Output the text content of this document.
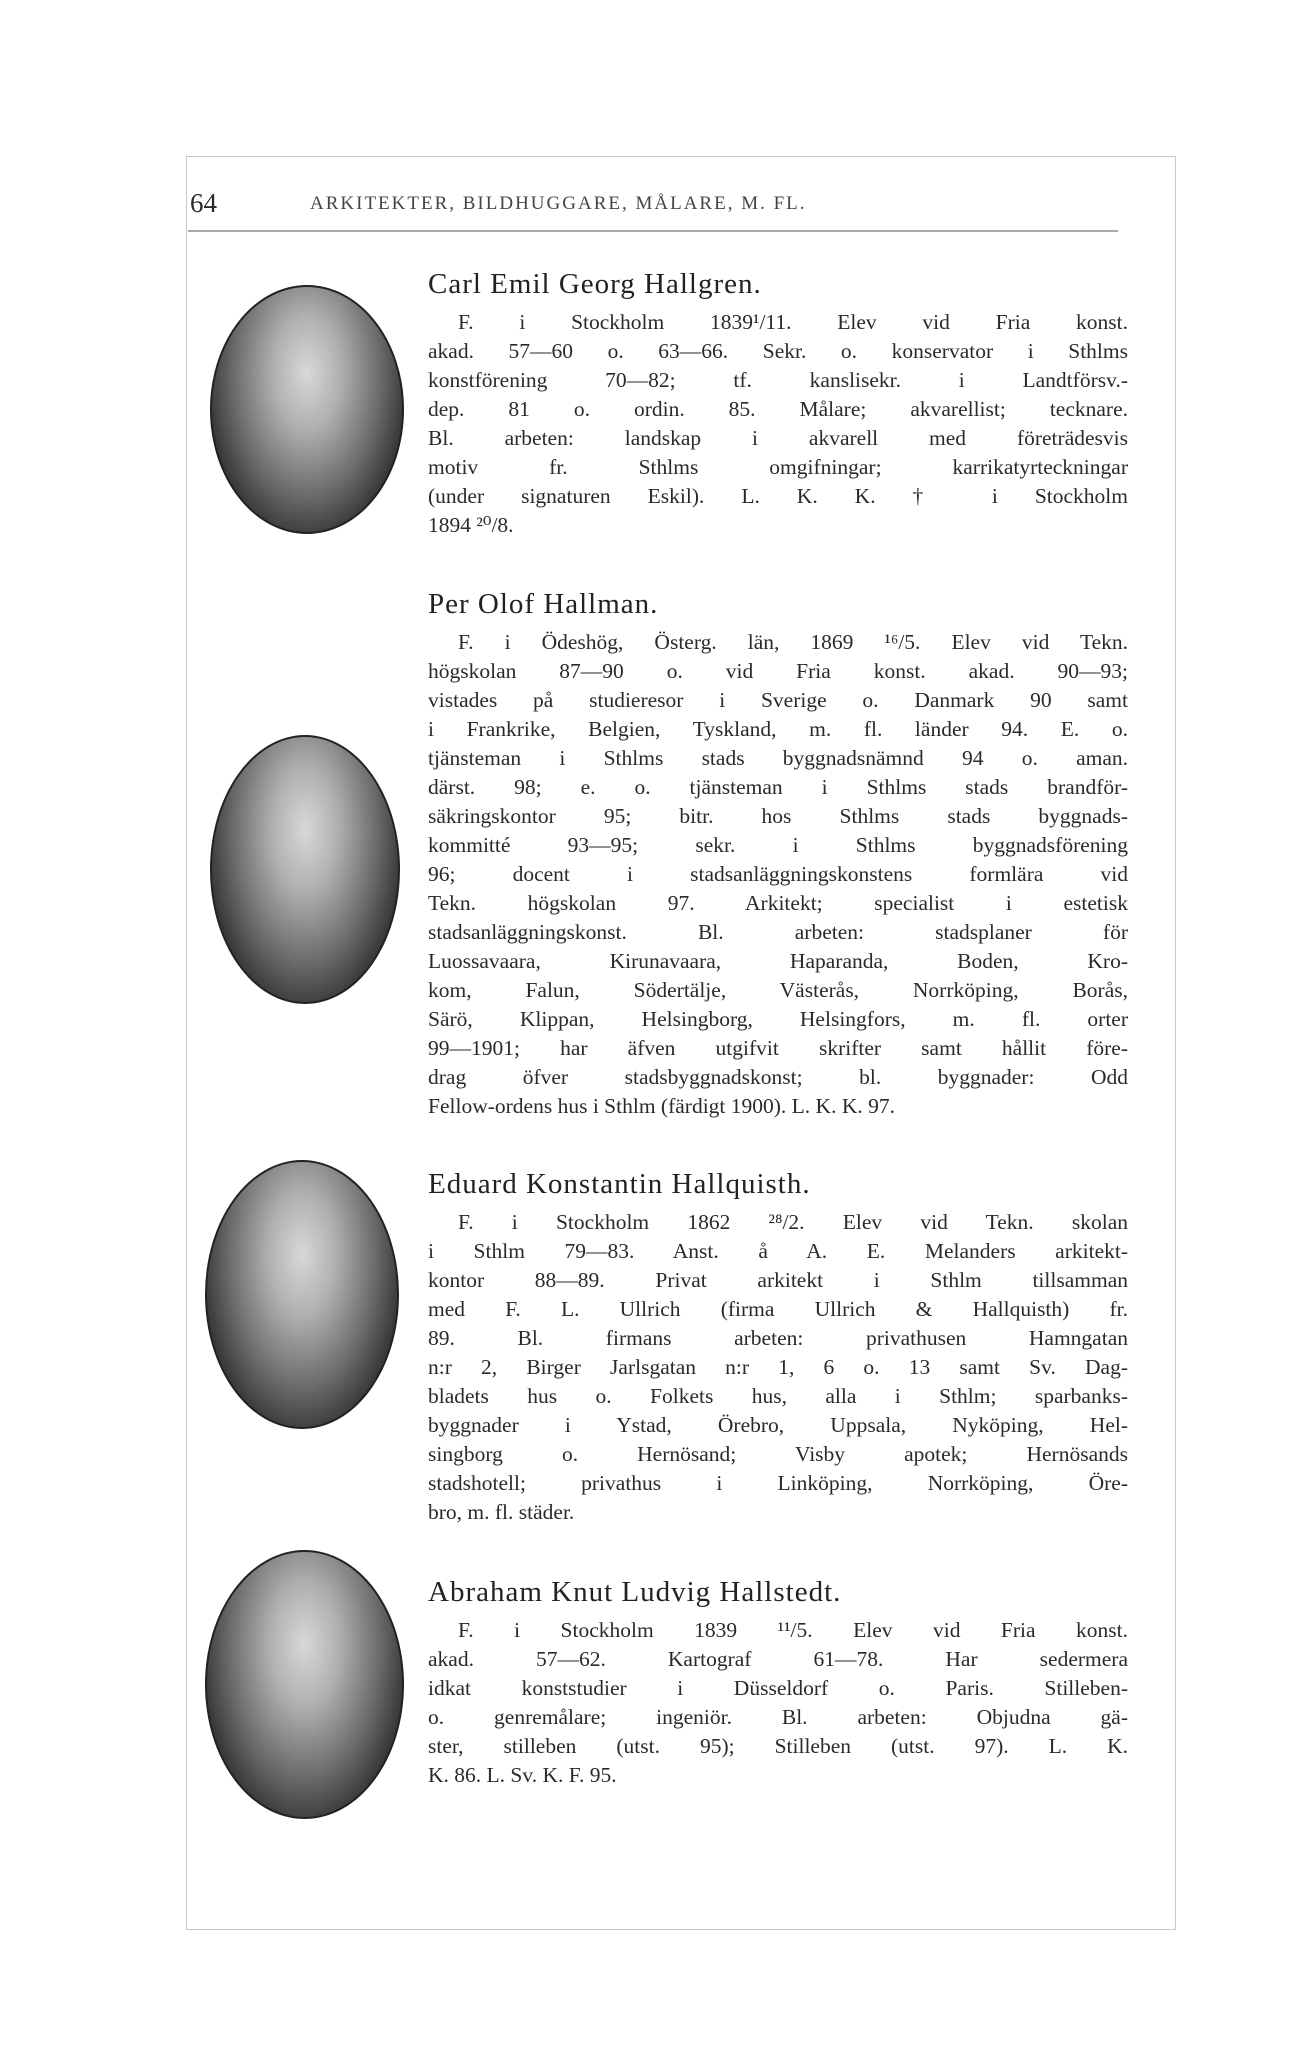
64	ARKITEKTER, BILDHUGGARE, MÅLARE, M. FL.
Carl Emil Georg Hallgren.
F. i Stockholm 1839¹/11. Elev vid Fria konst.
akad. 57—60 o. 63—66. Sekr. o. konservator i Sthlms
konstförening 70—82; tf. kanslisekr. i Landtförsv.-
dep. 81 o. ordin. 85. Målare; akvarellist; tecknare.
Bl. arbeten: landskap i akvarell med företrädesvis
motiv fr. Sthlms omgifningar; karrikatyrteckningar
(under signaturen Eskil). L. K. K. † i Stockholm
1894 ²⁰/8.
Per Olof Hallman.
F. i Ödeshög, Österg. län, 1869 ¹⁶/5. Elev vid Tekn.
högskolan 87—90 o. vid Fria konst. akad. 90—93;
vistades på studieresor i Sverige o. Danmark 90 samt
i Frankrike, Belgien, Tyskland, m. fl. länder 94. E. o.
tjänsteman i Sthlms stads byggnadsnämnd 94 o. aman.
därst. 98; e. o. tjänsteman i Sthlms stads brandför-
säkringskontor 95; bitr. hos Sthlms stads byggnads-
kommitté 93—95; sekr. i Sthlms byggnadsförening
96; docent i stadsanläggningskonstens formlära vid
Tekn. högskolan 97. Arkitekt; specialist i estetisk
stadsanläggningskonst. Bl. arbeten: stadsplaner för
Luossavaara, Kirunavaara, Haparanda, Boden, Kro-
kom, Falun, Södertälje, Västerås, Norrköping, Borås,
Särö, Klippan, Helsingborg, Helsingfors, m. fl. orter
99—1901; har äfven utgifvit skrifter samt hållit före-
drag öfver stadsbyggnadskonst; bl. byggnader: Odd
Fellow-ordens hus i Sthlm (färdigt 1900). L. K. K. 97.
Eduard Konstantin Hallquisth.
F. i Stockholm 1862 ²⁸/2. Elev vid Tekn. skolan
i Sthlm 79—83. Anst. å A. E. Melanders arkitekt-
kontor 88—89. Privat arkitekt i Sthlm tillsamman
med F. L. Ullrich (firma Ullrich & Hallquisth) fr.
89. Bl. firmans arbeten: privathusen Hamngatan
n:r 2, Birger Jarlsgatan n:r 1, 6 o. 13 samt Sv. Dag-
bladets hus o. Folkets hus, alla i Sthlm; sparbanks-
byggnader i Ystad, Örebro, Uppsala, Nyköping, Hel-
singborg o. Hernösand; Visby apotek; Hernösands
stadshotell; privathus i Linköping, Norrköping, Öre-
bro, m. fl. städer.
Abraham Knut Ludvig Hallstedt.
F. i Stockholm 1839 ¹¹/5. Elev vid Fria konst.
akad. 57—62. Kartograf 61—78. Har sedermera
idkat konststudier i Düsseldorf o. Paris. Stilleben-
o. genremålare; ingeniör. Bl. arbeten: Objudna gä-
ster, stilleben (utst. 95); Stilleben (utst. 97). L. K.
K. 86. L. Sv. K. F. 95.
